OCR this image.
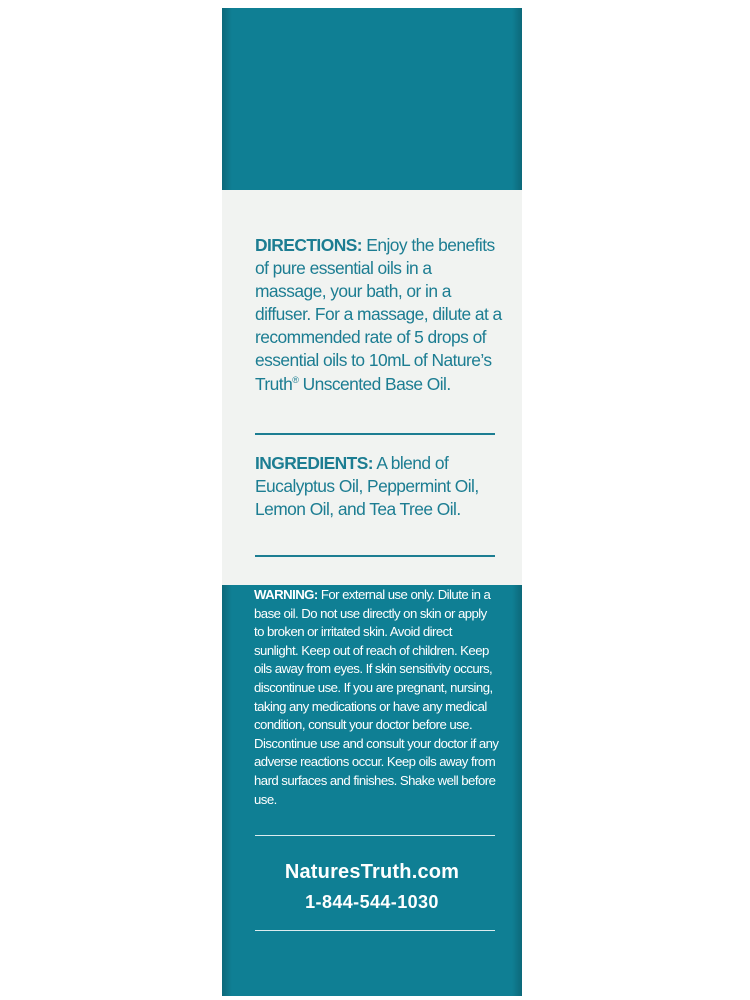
DIRECTIONS: Enjoy the benefits of pure essential oils in a massage, your bath, or in a diffuser. For a massage, dilute at a recommended rate of 5 drops of essential oils to 10mL of Nature’s Truth® Unscented Base Oil.
INGREDIENTS: A blend of Eucalyptus Oil, Peppermint Oil, Lemon Oil, and Tea Tree Oil.
WARNING: For external use only. Dilute in a base oil. Do not use directly on skin or apply to broken or irritated skin. Avoid direct sunlight. Keep out of reach of children. Keep oils away from eyes. If skin sensitivity occurs, discontinue use. If you are pregnant, nursing, taking any medications or have any medical condition, consult your doctor before use. Discontinue use and consult your doctor if any adverse reactions occur. Keep oils away from hard surfaces and finishes. Shake well before use.
NaturesTruth.com
1-844-544-1030
